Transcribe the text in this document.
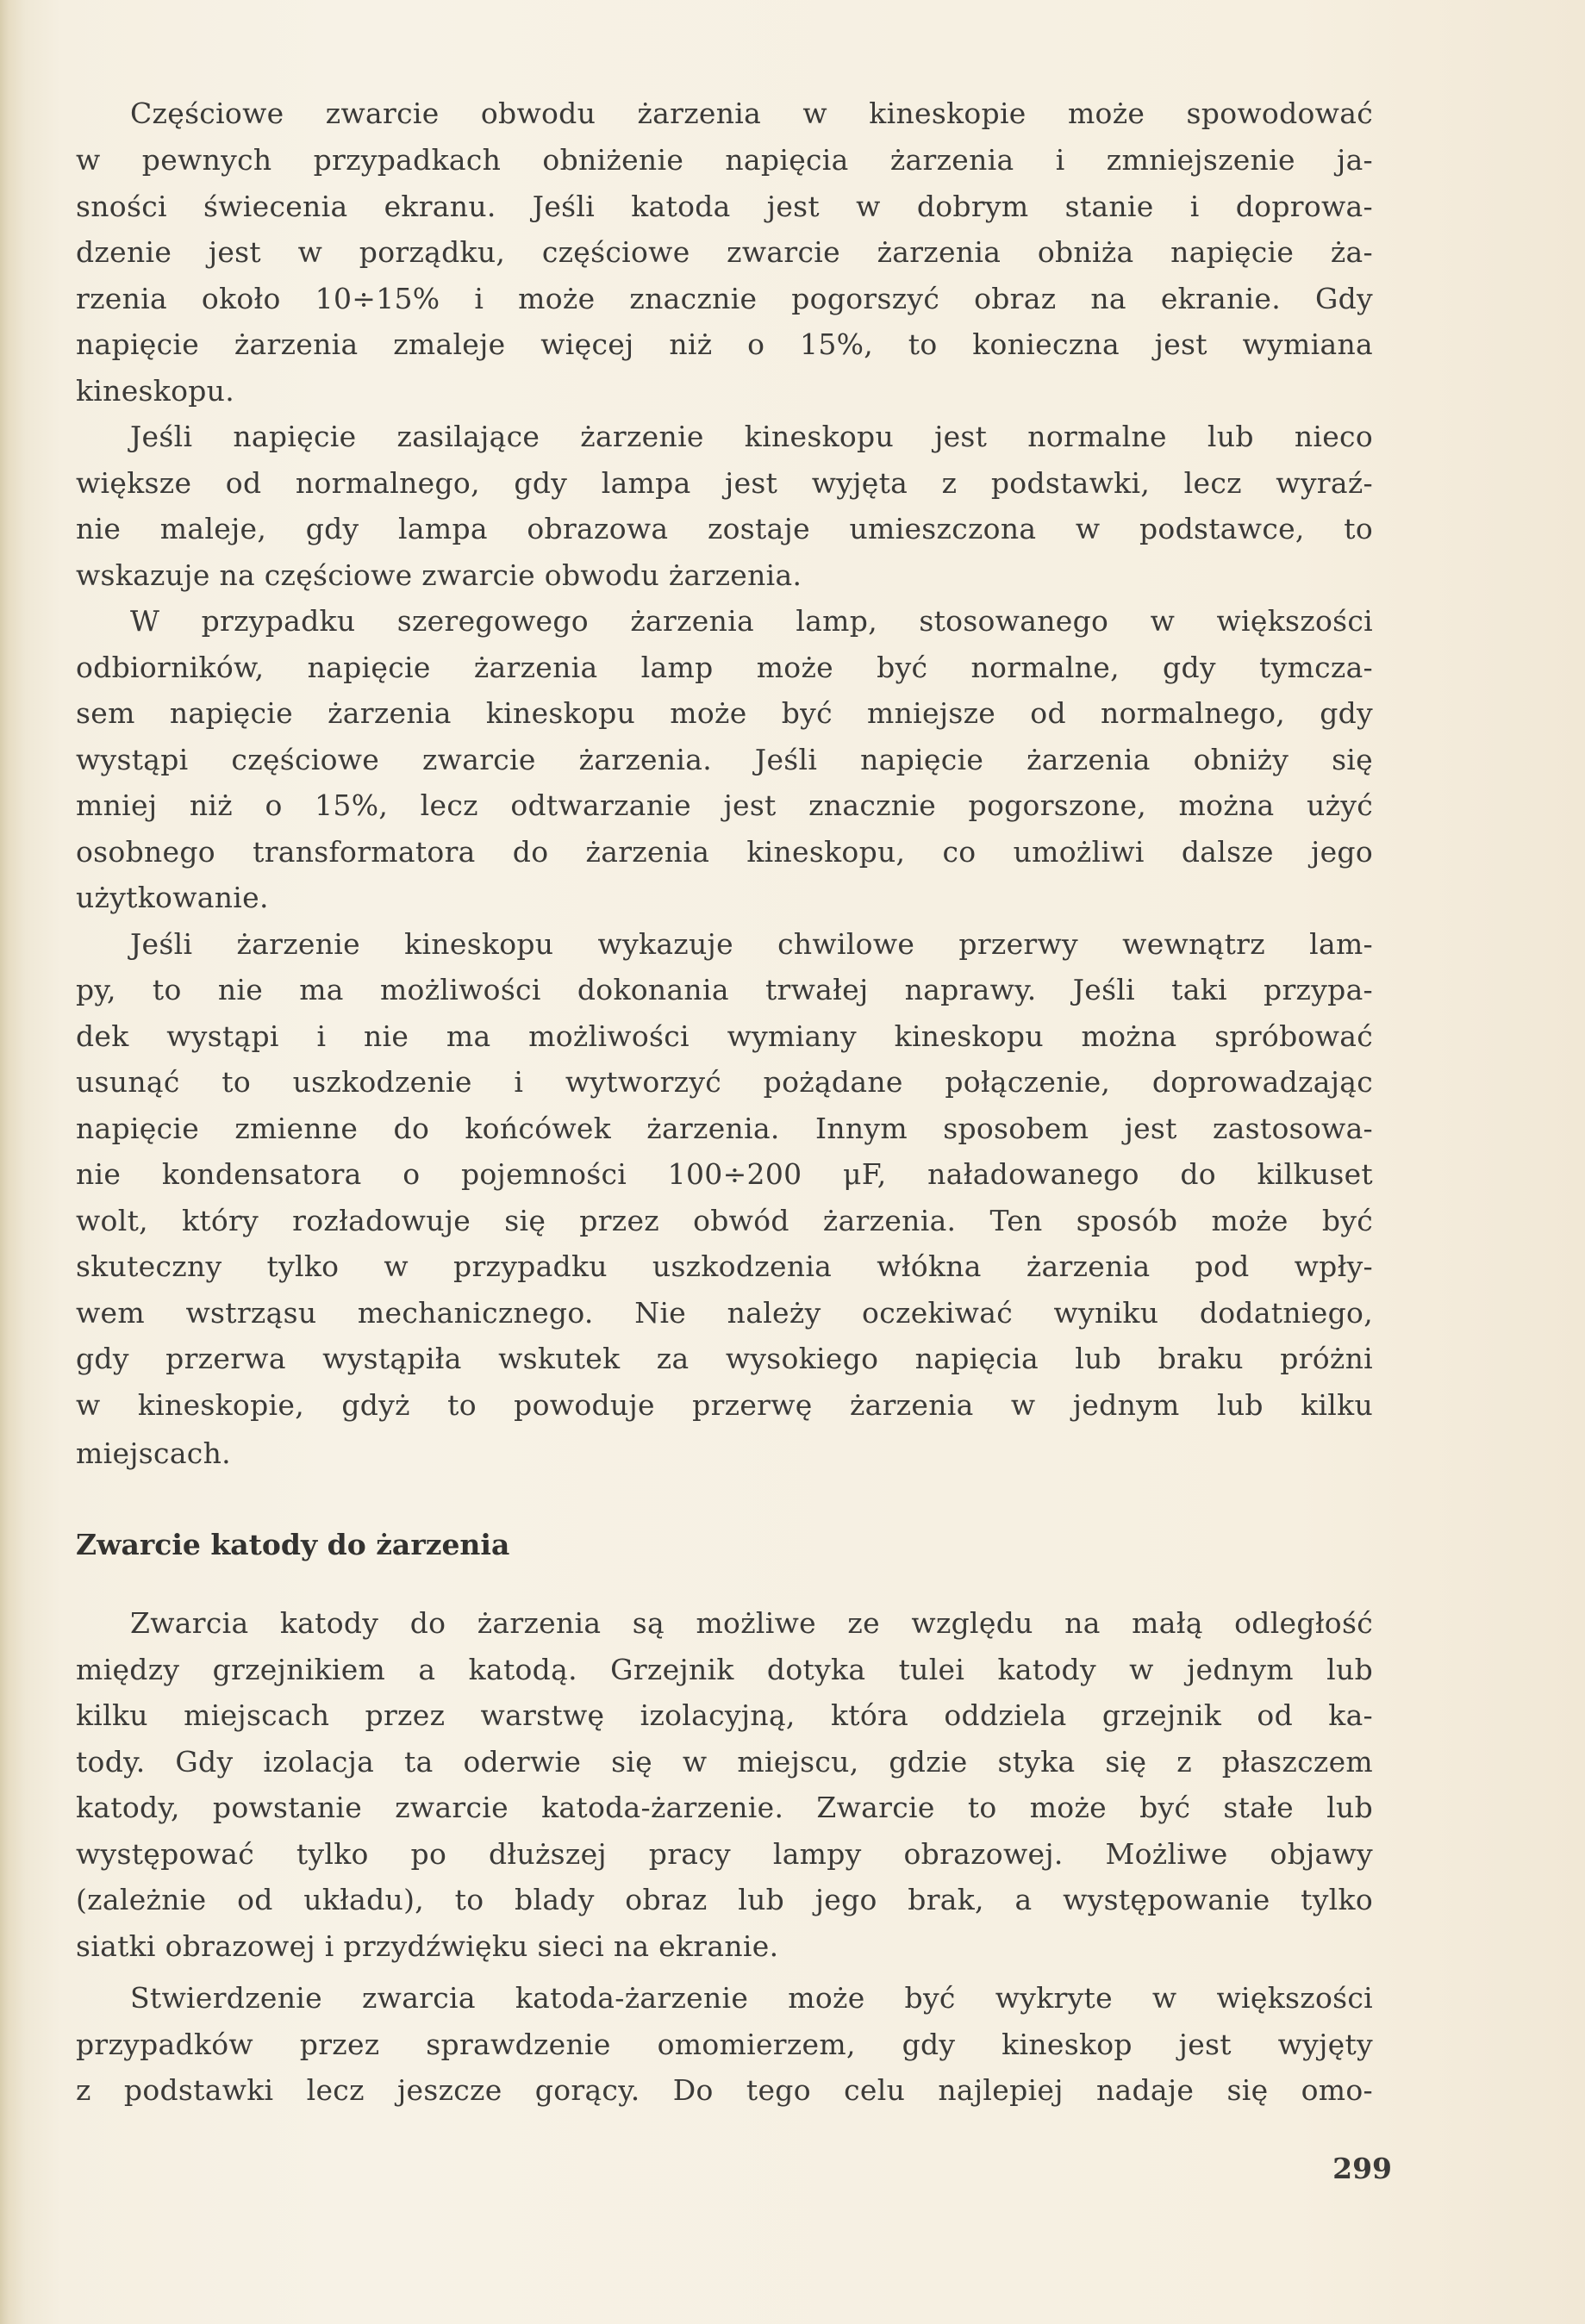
Częściowe zwarcie obwodu żarzenia w kineskopie może spowodować
w pewnych przypadkach obniżenie napięcia żarzenia i zmniejszenie ja-
sności świecenia ekranu. Jeśli katoda jest w dobrym stanie i doprowa-
dzenie jest w porządku, częściowe zwarcie żarzenia obniża napięcie ża-
rzenia około 10÷15% i może znacznie pogorszyć obraz na ekranie. Gdy
napięcie żarzenia zmaleje więcej niż o 15%, to konieczna jest wymiana
kineskopu.
Jeśli napięcie zasilające żarzenie kineskopu jest normalne lub nieco
większe od normalnego, gdy lampa jest wyjęta z podstawki, lecz wyraź-
nie maleje, gdy lampa obrazowa zostaje umieszczona w podstawce, to
wskazuje na częściowe zwarcie obwodu żarzenia.
W przypadku szeregowego żarzenia lamp, stosowanego w większości
odbiorników, napięcie żarzenia lamp może być normalne, gdy tymcza-
sem napięcie żarzenia kineskopu może być mniejsze od normalnego, gdy
wystąpi częściowe zwarcie żarzenia. Jeśli napięcie żarzenia obniży się
mniej niż o 15%, lecz odtwarzanie jest znacznie pogorszone, można użyć
osobnego transformatora do żarzenia kineskopu, co umożliwi dalsze jego
użytkowanie.
Jeśli żarzenie kineskopu wykazuje chwilowe przerwy wewnątrz lam-
py, to nie ma możliwości dokonania trwałej naprawy. Jeśli taki przypa-
dek wystąpi i nie ma możliwości wymiany kineskopu można spróbować
usunąć to uszkodzenie i wytworzyć pożądane połączenie, doprowadzając
napięcie zmienne do końcówek żarzenia. Innym sposobem jest zastosowa-
nie kondensatora o pojemności 100÷200 μF, naładowanego do kilkuset
wolt, który rozładowuje się przez obwód żarzenia. Ten sposób może być
skuteczny tylko w przypadku uszkodzenia włókna żarzenia pod wpły-
wem wstrząsu mechanicznego. Nie należy oczekiwać wyniku dodatniego,
gdy przerwa wystąpiła wskutek za wysokiego napięcia lub braku próżni
w kineskopie, gdyż to powoduje przerwę żarzenia w jednym lub kilku
miejscach.
Zwarcie katody do żarzenia
Zwarcia katody do żarzenia są możliwe ze względu na małą odległość
między grzejnikiem a katodą. Grzejnik dotyka tulei katody w jednym lub
kilku miejscach przez warstwę izolacyjną, która oddziela grzejnik od ka-
tody. Gdy izolacja ta oderwie się w miejscu, gdzie styka się z płaszczem
katody, powstanie zwarcie katoda-żarzenie. Zwarcie to może być stałe lub
występować tylko po dłuższej pracy lampy obrazowej. Możliwe objawy
(zależnie od układu), to blady obraz lub jego brak, a występowanie tylko
siatki obrazowej i przydźwięku sieci na ekranie.
Stwierdzenie zwarcia katoda-żarzenie może być wykryte w większości
przypadków przez sprawdzenie omomierzem, gdy kineskop jest wyjęty
z podstawki lecz jeszcze gorący. Do tego celu najlepiej nadaje się omo-
299
